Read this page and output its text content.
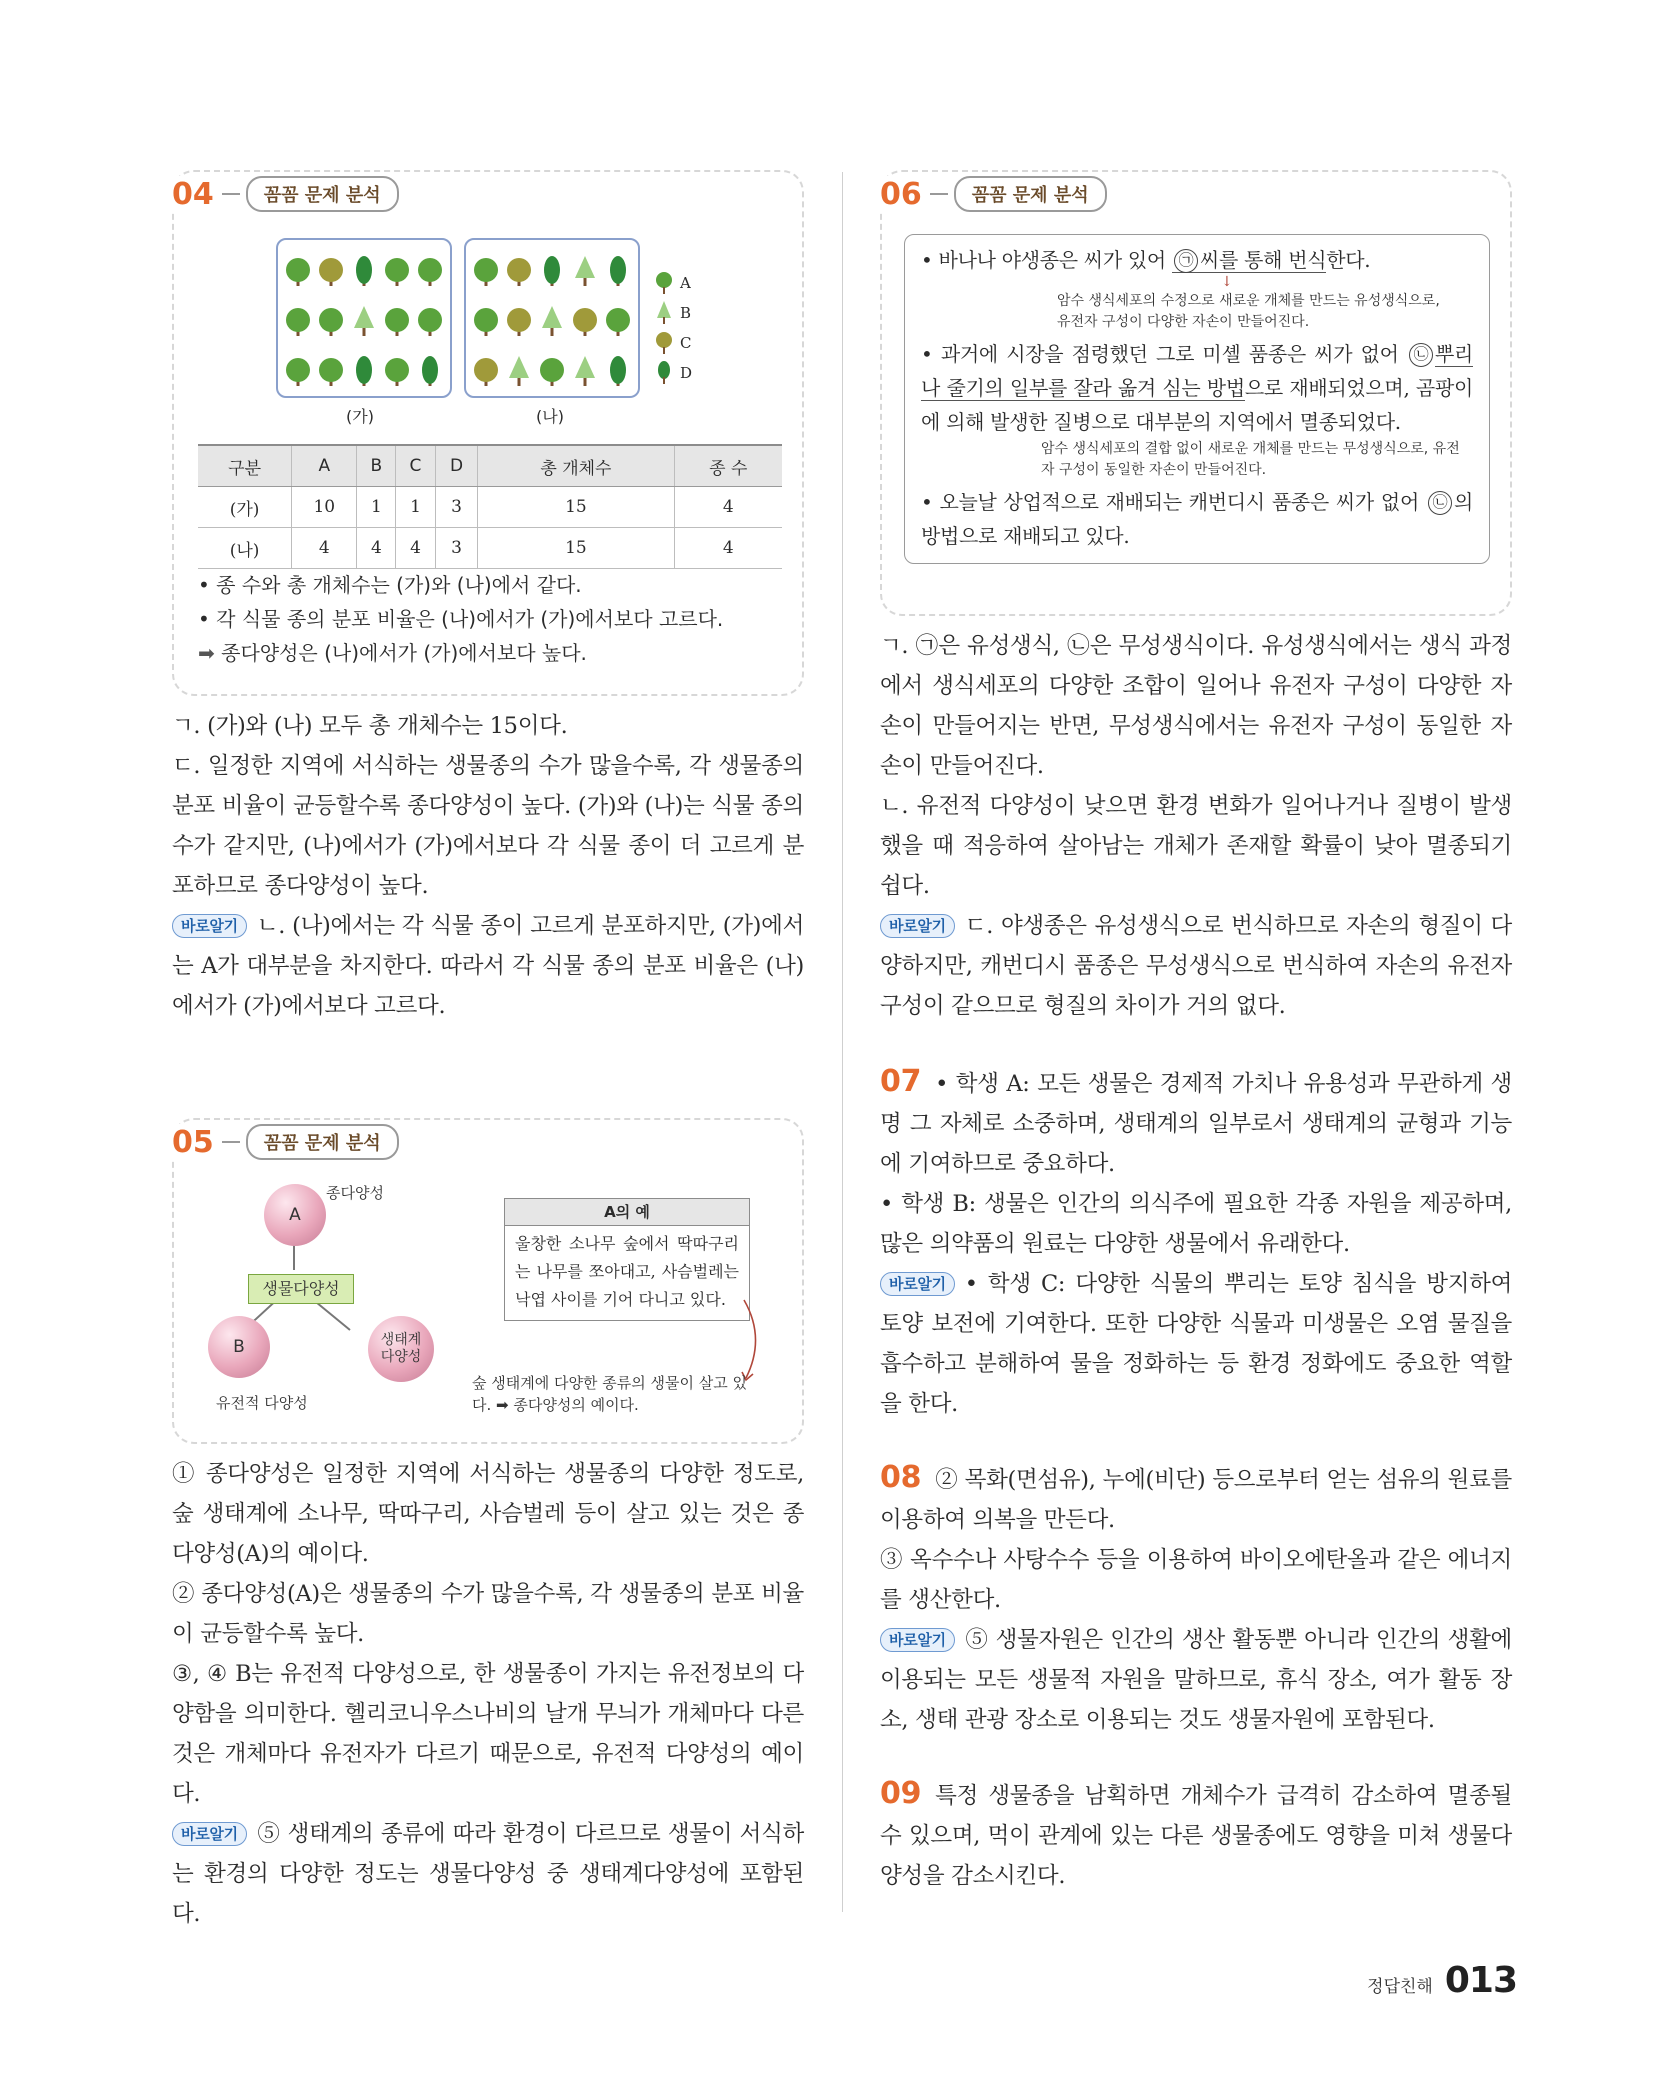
04	꼼꼼 문제 분석
(가)	(나)
A
B
C
D
구분	A	B	C	D	총 개체수	종 수
(가)	10	1	1	3	15	4
(나)	4	4	4	3	15	4

• 종 수와 총 개체수는 (가)와 (나)에서 같다.

• 각 식물 종의 분포 비율은 (나)에서가 (가)에서보다 고르다.

➡ 종다양성은 (나)에서가 (가)에서보다 높다.

ㄱ. (가)와 (나) 모두 총 개체수는 15이다.

ㄷ. 일정한 지역에 서식하는 생물종의 수가 많을수록, 각 생물종의 분포 비율이 균등할수록 종다양성이 높다. (가)와 (나)는 식물 종의 수가 같지만, (나)에서가 (가)에서보다 각 식물 종이 더 고르게 분포하므로 종다양성이 높다.

바로알기 ㄴ. (나)에서는 각 식물 종이 고르게 분포하지만, (가)에서는 A가 대부분을 차지한다. 따라서 각 식물 종의 분포 비율은 (나)에서가 (가)에서보다 고르다.

05	꼼꼼 문제 분석
A
종다양성
생물다양성
B	생태계
다양성
유전적 다양성
A의 예
울창한 소나무 숲에서 딱따구리는 나무를 쪼아대고, 사슴벌레는 낙엽 사이를 기어 다니고 있다.
숲 생태계에 다양한 종류의 생물이 살고 있다. ➡ 종다양성의 예이다.

① 종다양성은 일정한 지역에 서식하는 생물종의 다양한 정도로, 숲 생태계에 소나무, 딱따구리, 사슴벌레 등이 살고 있는 것은 종다양성(A)의 예이다.

② 종다양성(A)은 생물종의 수가 많을수록, 각 생물종의 분포 비율이 균등할수록 높다.

③, ④ B는 유전적 다양성으로, 한 생물종이 가지는 유전정보의 다양함을 의미한다. 헬리코니우스나비의 날개 무늬가 개체마다 다른 것은 개체마다 유전자가 다르기 때문으로, 유전적 다양성의 예이다.

바로알기 ⑤ 생태계의 종류에 따라 환경이 다르므로 생물이 서식하는 환경의 다양한 정도는 생물다양성 중 생태계다양성에 포함된다.

06	꼼꼼 문제 분석

• 바나나 야생종은 씨가 있어 ㉠ 씨를 통해 번식한다.

↓

암수 생식세포의 수정으로 새로운 개체를 만드는 유성생식으로, 유전자 구성이 다양한 자손이 만들어진다.

• 과거에 시장을 점령했던 그로 미셸 품종은 씨가 없어 ㉡ 뿌리 나 줄기의 일부를 잘라 옮겨 심는 방법으로 재배되었으며, 곰팡이에 의해 발생한 질병으로 대부분의 지역에서 멸종되었다.

암수 생식세포의 결합 없이 새로운 개체를 만드는 무성생식으로, 유전자 구성이 동일한 자손이 만들어진다.

• 오늘날 상업적으로 재배되는 캐번디시 품종은 씨가 없어 ㉡ 의 방법으로 재배되고 있다.

ㄱ. ㉠은 유성생식, ㉡은 무성생식이다. 유성생식에서는 생식 과정에서 생식세포의 다양한 조합이 일어나 유전자 구성이 다양한 자손이 만들어지는 반면, 무성생식에서는 유전자 구성이 동일한 자손이 만들어진다.

ㄴ. 유전적 다양성이 낮으면 환경 변화가 일어나거나 질병이 발생했을 때 적응하여 살아남는 개체가 존재할 확률이 낮아 멸종되기 쉽다.

바로알기 ㄷ. 야생종은 유성생식으로 번식하므로 자손의 형질이 다양하지만, 캐번디시 품종은 무성생식으로 번식하여 자손의 유전자 구성이 같으므로 형질의 차이가 거의 없다.

07 • 학생 A: 모든 생물은 경제적 가치나 유용성과 무관하게 생명 그 자체로 소중하며, 생태계의 일부로서 생태계의 균형과 기능에 기여하므로 중요하다.

• 학생 B: 생물은 인간의 의식주에 필요한 각종 자원을 제공하며, 많은 의약품의 원료는 다양한 생물에서 유래한다.

바로알기 • 학생 C: 다양한 식물의 뿌리는 토양 침식을 방지하여 토양 보전에 기여한다. 또한 다양한 식물과 미생물은 오염 물질을 흡수하고 분해하여 물을 정화하는 등 환경 정화에도 중요한 역할을 한다.

08 ② 목화(면섬유), 누에(비단) 등으로부터 얻는 섬유의 원료를 이용하여 의복을 만든다.

③ 옥수수나 사탕수수 등을 이용하여 바이오에탄올과 같은 에너지를 생산한다.

바로알기 ⑤ 생물자원은 인간의 생산 활동뿐 아니라 인간의 생활에 이용되는 모든 생물적 자원을 말하므로, 휴식 장소, 여가 활동 장소, 생태 관광 장소로 이용되는 것도 생물자원에 포함된다.

09 특정 생물종을 남획하면 개체수가 급격히 감소하여 멸종될 수 있으며, 먹이 관계에 있는 다른 생물종에도 영향을 미쳐 생물다양성을 감소시킨다.

정답친해 013
